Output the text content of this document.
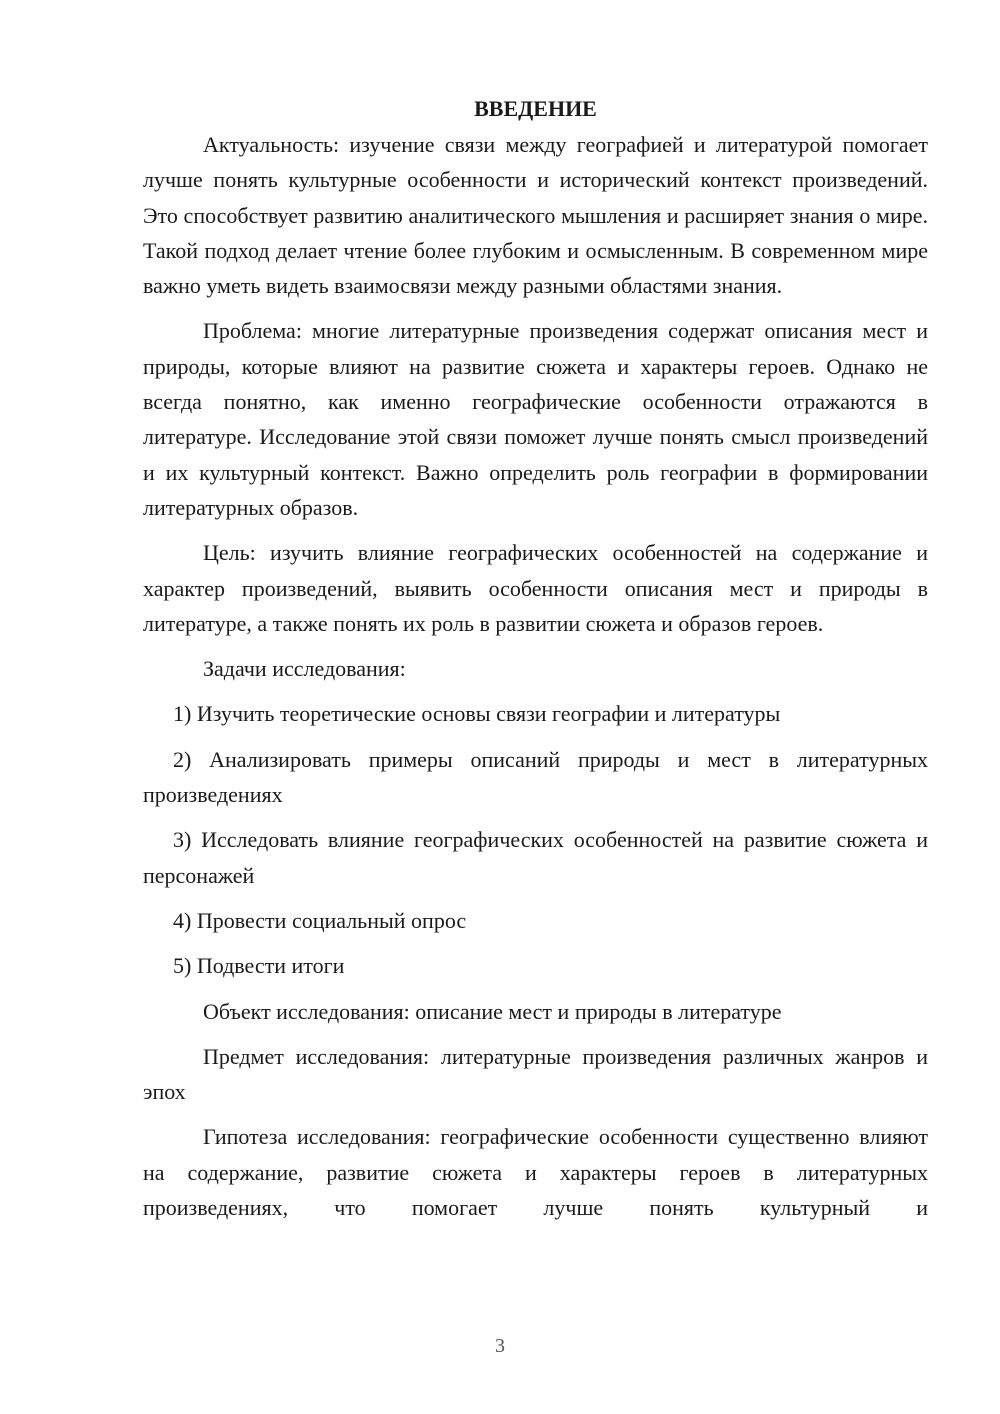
ВВЕДЕНИЕ

Актуальность: изучение связи между географией и литературой помогает лучше понять культурные особенности и исторический контекст произведений. Это способствует развитию аналитического мышления и расширяет знания о мире. Такой подход делает чтение более глубоким и осмысленным. В современном мире важно уметь видеть взаимосвязи между разными областями знания.

Проблема: многие литературные произведения содержат описания мест и природы, которые влияют на развитие сюжета и характеры героев. Однако не всегда понятно, как именно географические особенности отражаются в литературе. Исследование этой связи поможет лучше понять смысл произведений и их культурный контекст. Важно определить роль географии в формировании литературных образов.

Цель: изучить влияние географических особенностей на содержание и характер произведений, выявить особенности описания мест и природы в литературе, а также понять их роль в развитии сюжета и образов героев.

Задачи исследования:

1) Изучить теоретические основы связи географии и литературы

2) Анализировать примеры описаний природы и мест в литературных произведениях

3) Исследовать влияние географических особенностей на развитие сюжета и персонажей

4) Провести социальный опрос

5) Подвести итоги

Объект исследования: описание мест и природы в литературе

Предмет исследования: литературные произведения различных жанров и эпох

Гипотеза исследования: географические особенности существенно влияют на содержание, развитие сюжета и характеры героев в литературных произведениях, что помогает лучше понять культурный и

3
